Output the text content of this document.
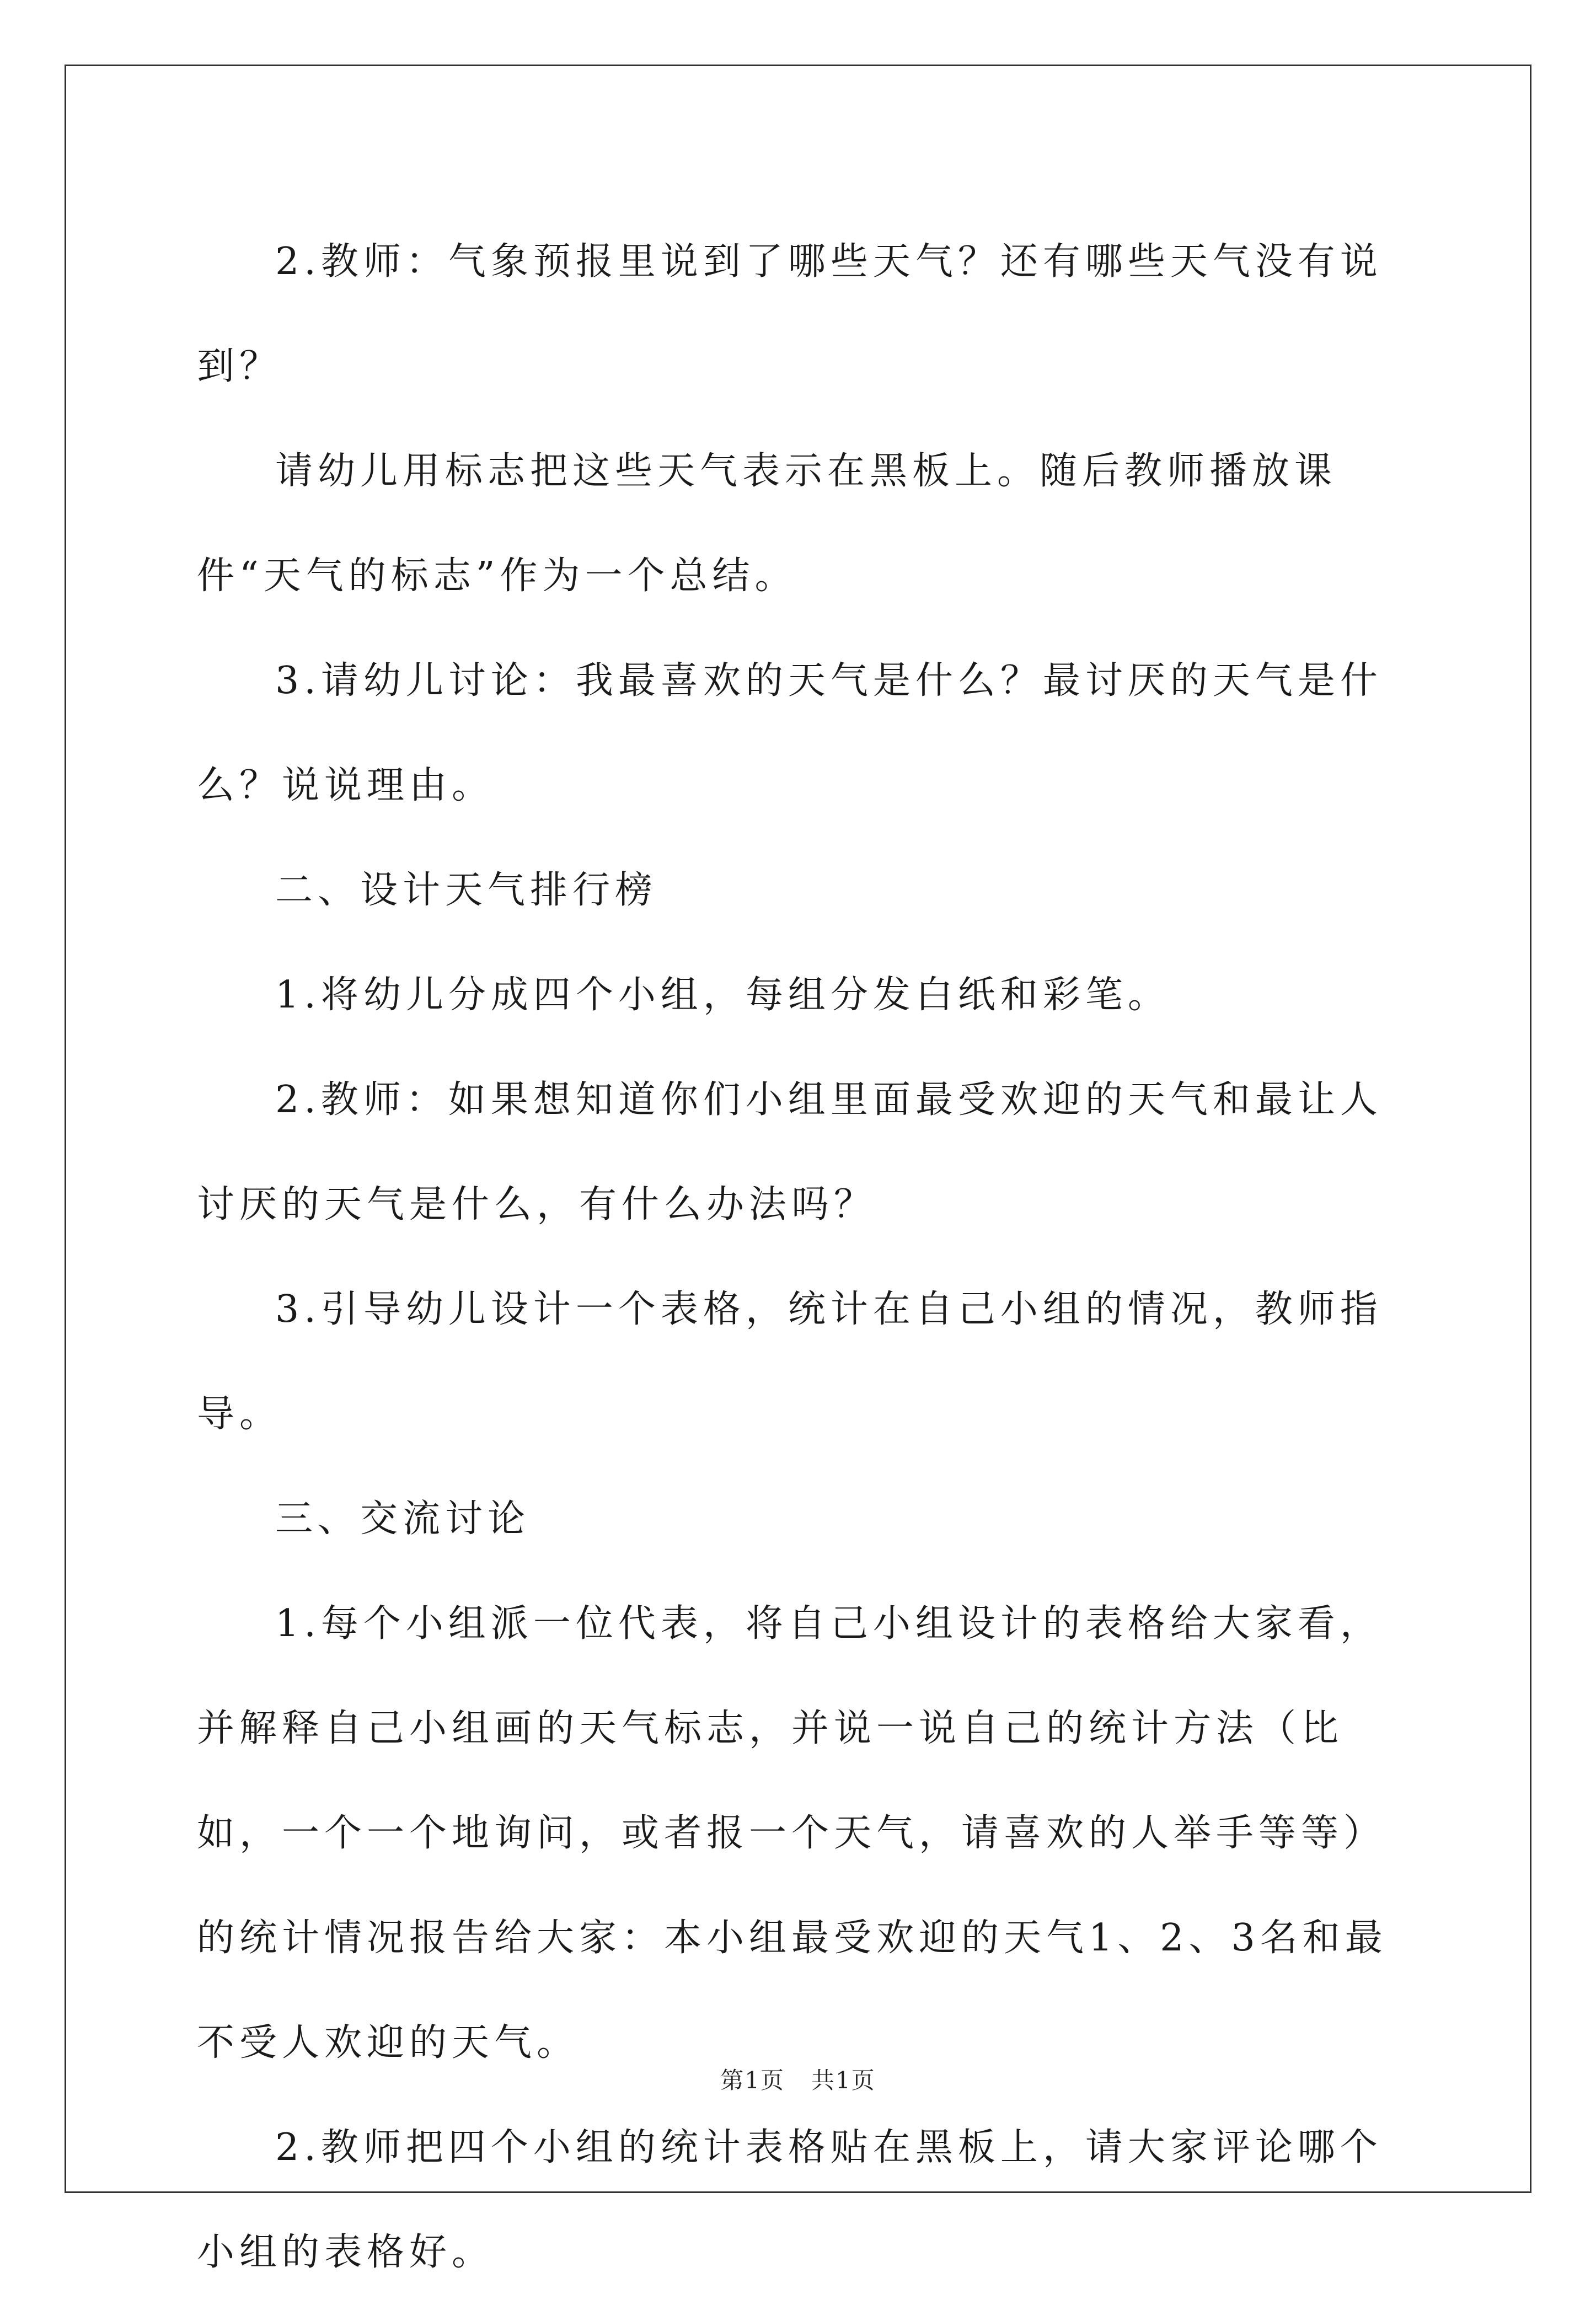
2.教师：气象预报里说到了哪些天气？还有哪些天气没有说到？

请幼儿用标志把这些天气表示在黑板上。随后教师播放课件“天气的标志”作为一个总结。

3.请幼儿讨论：我最喜欢的天气是什么？最讨厌的天气是什么？说说理由。

二、设计天气排行榜

1.将幼儿分成四个小组，每组分发白纸和彩笔。

2.教师：如果想知道你们小组里面最受欢迎的天气和最让人讨厌的天气是什么，有什么办法吗？

3.引导幼儿设计一个表格，统计在自己小组的情况，教师指导。

三、交流讨论

1.每个小组派一位代表，将自己小组设计的表格给大家看，并解释自己小组画的天气标志，并说一说自己的统计方法（比如，一个一个地询问，或者报一个天气，请喜欢的人举手等等）的统计情况报告给大家：本小组最受欢迎的天气1、2、3名和最不受人欢迎的天气。

2.教师把四个小组的统计表格贴在黑板上，请大家评论哪个小组的表格好。

第1页 共1页
